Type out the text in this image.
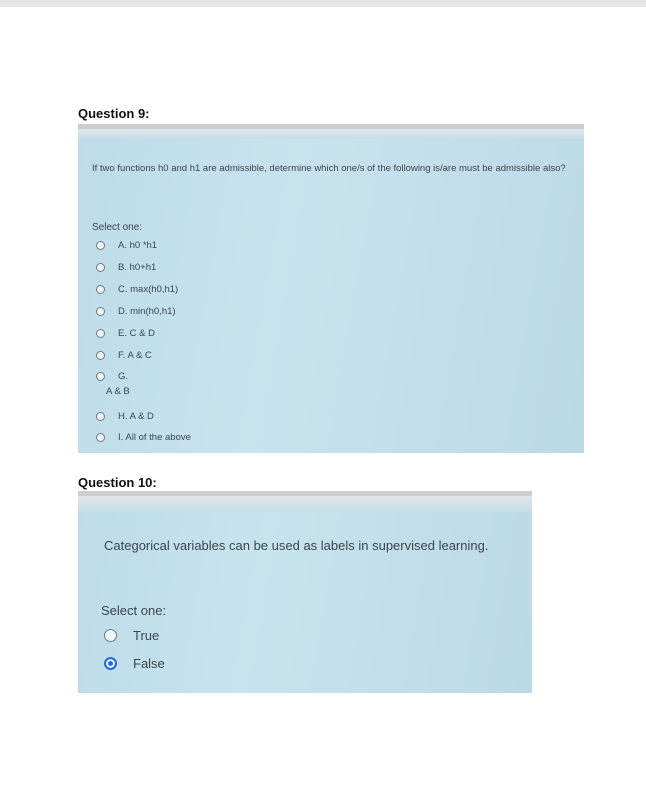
Question 9:
If two functions h0 and h1 are admissible, determine which one/s of the following is/are must be admissible also?
Select one:
A. h0 *h1
B. h0+h1
C. max(h0,h1)
D. min(h0,h1)
E. C & D
F. A & C
G.
A & B
H. A & D
I. All of the above
Question 10:
Categorical variables can be used as labels in supervised learning.
Select one:
True
False
